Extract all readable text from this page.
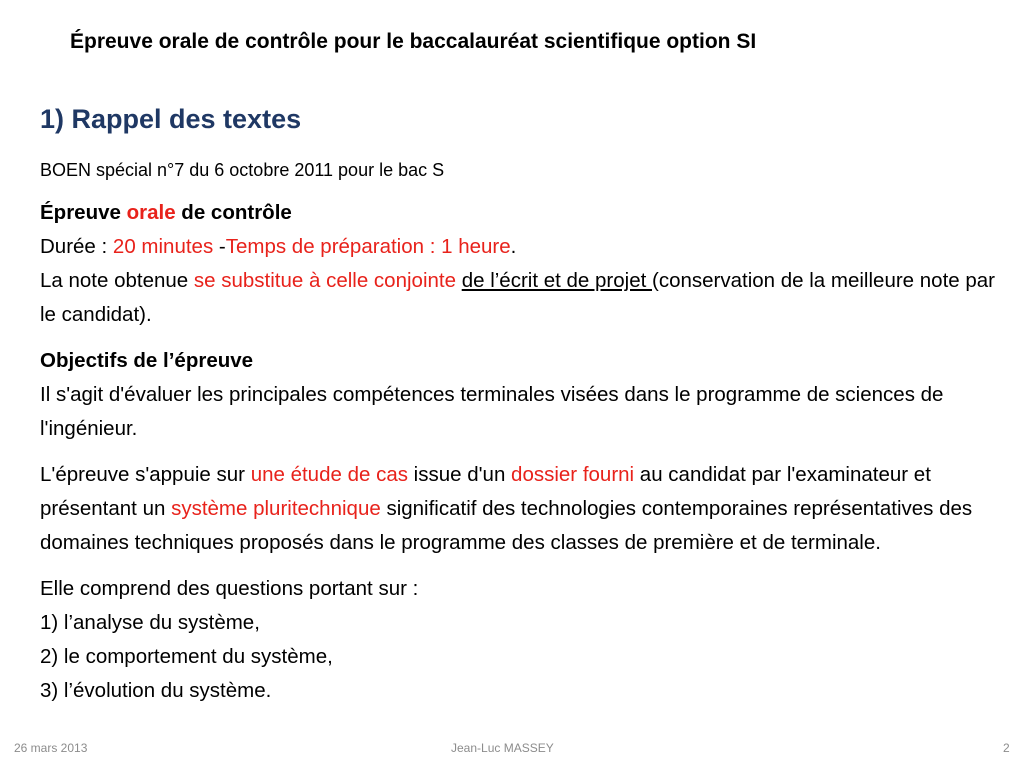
Épreuve orale de contrôle pour le baccalauréat scientifique option SI
1) Rappel des textes
BOEN spécial n°7 du 6 octobre 2011 pour le bac S

Épreuve orale de contrôle
Durée : 20 minutes -Temps de préparation : 1 heure.
La note obtenue se substitue à celle conjointe de l’écrit et de projet (conservation de la meilleure note par le candidat).

Objectifs de l’épreuve
Il s'agit d'évaluer les principales compétences terminales visées dans le programme de sciences de l'ingénieur.

L'épreuve s'appuie sur une étude de cas issue d'un dossier fourni au candidat par l'examinateur et présentant un système pluritechnique significatif des technologies contemporaines représentatives des domaines techniques proposés dans le programme des classes de première et de terminale.

Elle comprend des questions portant sur :
1) l’analyse du système,
2) le comportement du système,
3) l’évolution du système.

26 mars 2013	Jean-Luc MASSEY	2
